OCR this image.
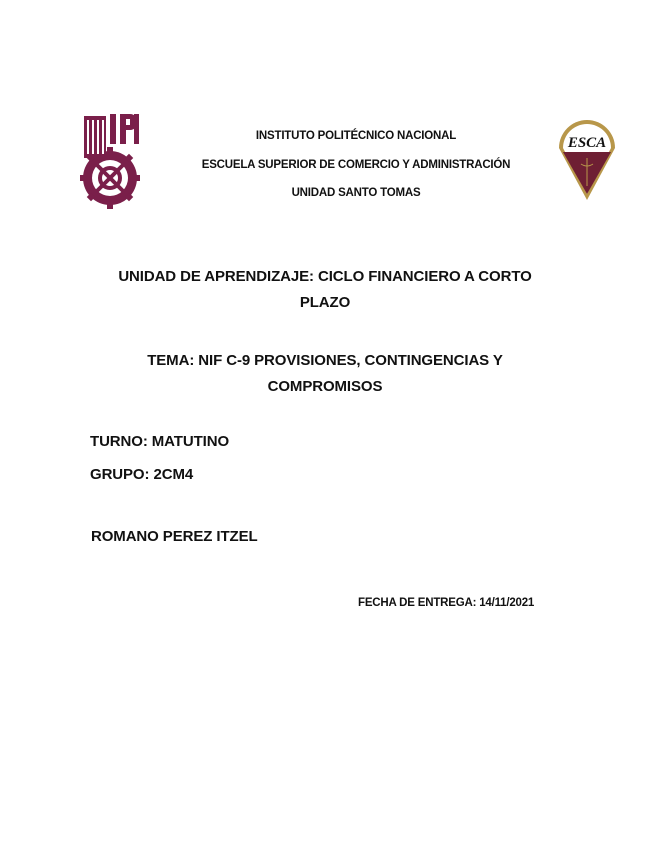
ESCA
INSTITUTO POLITÉCNICO NACIONAL
ESCUELA SUPERIOR DE COMERCIO Y ADMINISTRACIÓN
UNIDAD SANTO TOMAS
UNIDAD DE APRENDIZAJE: CICLO FINANCIERO A CORTO
PLAZO
TEMA: NIF C-9 PROVISIONES, CONTINGENCIAS Y
COMPROMISOS
TURNO: MATUTINO
GRUPO: 2CM4
ROMANO PEREZ ITZEL
FECHA DE ENTREGA: 14/11/2021
